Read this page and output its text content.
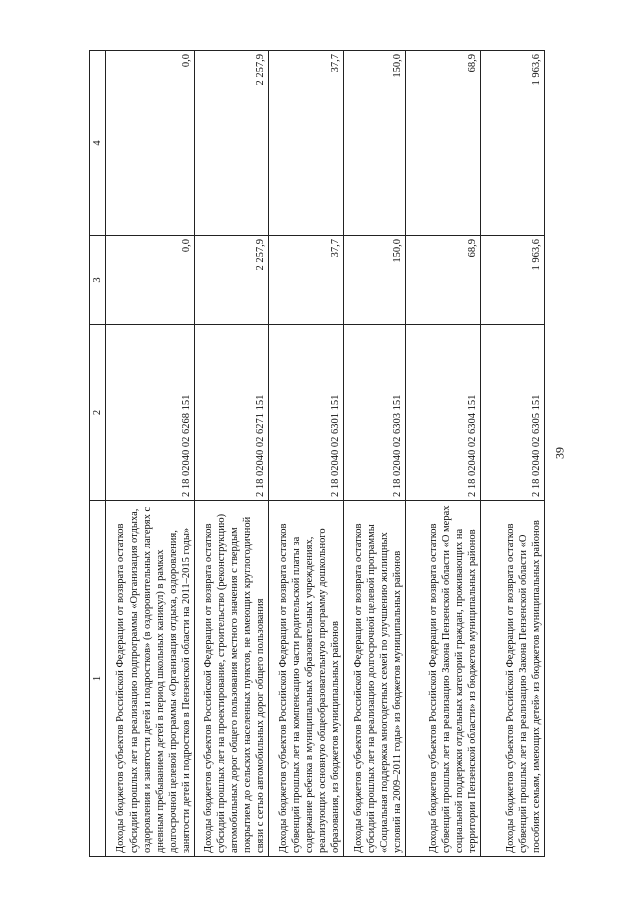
39
1	2	3	4
Доходы бюджетов субъектов Российской Федерации от возврата остатков субсидий прошлых лет на реализацию подпрограммы «Организация отдыха, оздоровления и занятости детей и подростков» (в оздоровительных лагерях с дневным пребыванием детей в период школьных каникул) в рамках долгосрочной целевой программы «Организация отдыха, оздоровления, занятости детей и подростков в Пензенской области на 2011–2015 годы»	2 18 02040 02 6268 151	0,0	0,0
Доходы бюджетов субъектов Российской Федерации от возврата остатков субсидий прошлых лет на проектирование, строительство (реконструкцию) автомобильных дорог общего пользования местного значения с твердым покрытием до сельских населенных пунктов, не имеющих круглогодичной связи с сетью автомобильных дорог общего пользования	2 18 02040 02 6271 151	2 257,9	2 257,9
Доходы бюджетов субъектов Российской Федерации от возврата остатков субвенций прошлых лет на компенсацию части родительской платы за содержание ребенка в муниципальных образовательных учреждениях, реализующих основную общеобразовательную программу дошкольного образования, из бюджетов муниципальных районов	2 18 02040 02 6301 151	37,7	37,7
Доходы бюджетов субъектов Российской Федерации от возврата остатков субсидий прошлых лет на реализацию долгосрочной целевой программы «Социальная поддержка многодетных семей по улучшению жилищных условий на 2009–2011 годы» из бюджетов муниципальных районов	2 18 02040 02 6303 151	150,0	150,0
Доходы бюджетов субъектов Российской Федерации от возврата остатков субвенций прошлых лет на реализацию Закона Пензенской области «О мерах социальной поддержки отдельных категорий граждан, проживающих на территории Пензенской области» из бюджетов муниципальных районов	2 18 02040 02 6304 151	68,9	68,9
Доходы бюджетов субъектов Российской Федерации от возврата остатков субвенций прошлых лет на реализацию Закона Пензенской области «О пособиях семьям, имеющих детей» из бюджетов муниципальных районов	2 18 02040 02 6305 151	1 963,6	1 963,6
